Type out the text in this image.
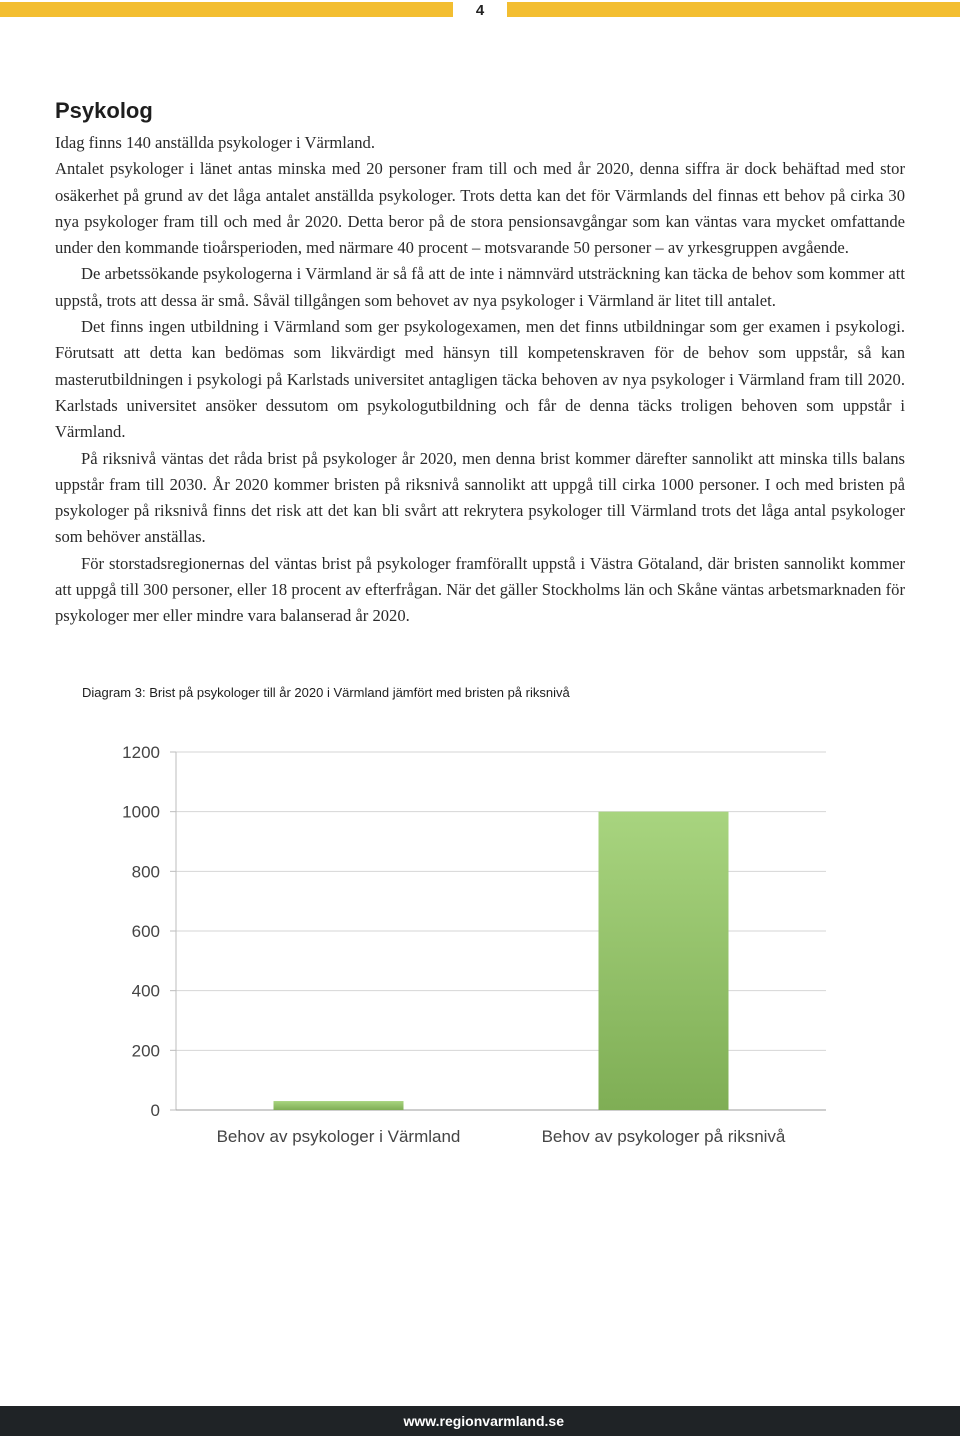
4
Psykolog

Idag finns 140 anställda psykologer i Värmland.

Antalet psykologer i länet antas minska med 20 personer fram till och med år 2020, denna siffra är dock behäftad med stor osäkerhet på grund av det låga antalet anställda psykologer. Trots detta kan det för Värmlands del finnas ett behov på cirka 30 nya psykologer fram till och med år 2020. Detta beror på de stora pensionsavgångar som kan väntas vara mycket omfattande under den kommande tioårsperioden, med närmare 40 procent – motsvarande 50 personer – av yrkesgruppen avgående.

De arbetssökande psykologerna i Värmland är så få att de inte i nämnvärd utsträckning kan täcka de behov som kommer att uppstå, trots att dessa är små. Såväl tillgången som behovet av nya psykologer i Värmland är litet till antalet.

Det finns ingen utbildning i Värmland som ger psykologexamen, men det finns utbildningar som ger examen i psykologi. Förutsatt att detta kan bedömas som likvärdigt med hänsyn till kompetenskraven för de behov som uppstår, så kan masterutbildningen i psykologi på Karlstads universitet antagligen täcka behoven av nya psykologer i Värmland fram till 2020. Karlstads universitet ansöker dessutom om psykologutbildning och får de denna täcks troligen behoven som uppstår i Värmland.

På riksnivå väntas det råda brist på psykologer år 2020, men denna brist kommer därefter sannolikt att minska tills balans uppstår fram till 2030. År 2020 kommer bristen på riksnivå sannolikt att uppgå till cirka 1000 personer. I och med bristen på psykologer på riksnivå finns det risk att det kan bli svårt att rekrytera psykologer till Värmland trots det låga antal psykologer som behöver anställas.

För storstadsregionernas del väntas brist på psykologer framförallt uppstå i Västra Götaland, där bristen sannolikt kommer att uppgå till 300 personer, eller 18 procent av efterfrågan. När det gäller Stockholms län och Skåne väntas arbetsmarknaden för psykologer mer eller mindre vara balanserad år 2020.

Diagram 3: Brist på psykologer till år 2020 i Värmland jämfört med bristen på riksnivå
0
200
400
600
800
1000
1200
Behov av psykologer i Värmland	Behov av psykologer på riksnivå
www.regionvarmland.se
